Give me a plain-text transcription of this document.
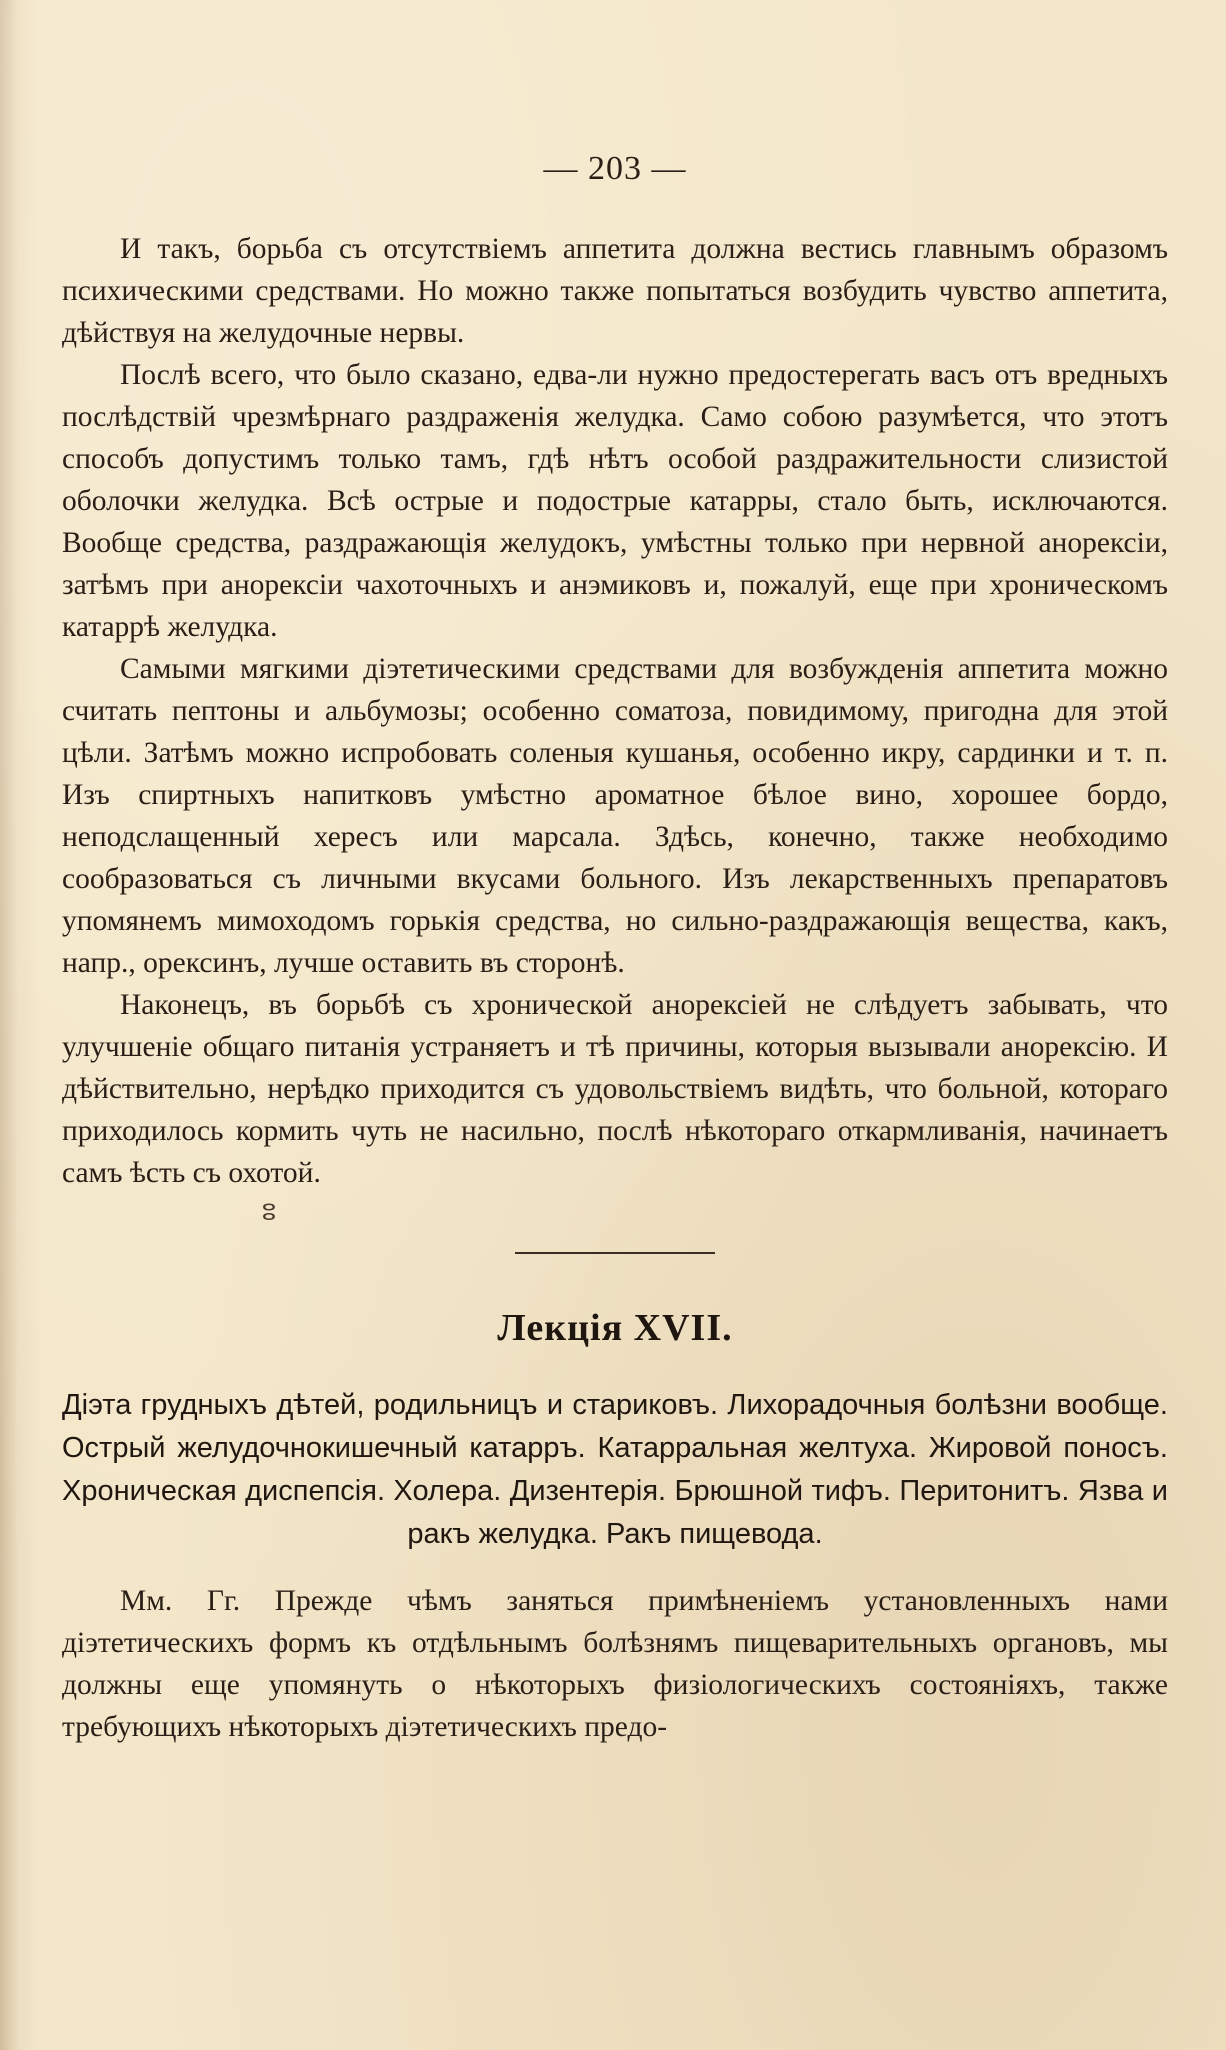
— 203 —

И такъ, борьба съ отсутствіемъ аппетита должна вестись главнымъ образомъ психическими средствами. Но можно также попытаться возбудить чувство аппетита, дѣйствуя на желудочные нервы.

Послѣ всего, что было сказано, едва-ли нужно предостерегать васъ отъ вредныхъ послѣдствій чрезмѣрнаго раздраженія желудка. Само собою разумѣется, что этотъ способъ допустимъ только тамъ, гдѣ нѣтъ особой раздражительности слизистой оболочки желудка. Всѣ острые и подострые катарры, стало быть, исключаются. Вообще средства, раздражающія желудокъ, умѣстны только при нервной анорексіи, затѣмъ при анорексіи чахоточныхъ и анэмиковъ и, пожалуй, еще при хроническомъ катаррѣ желудка.

Самыми мягкими діэтетическими средствами для возбужденія аппетита можно считать пептоны и альбумозы; особенно соматоза, повидимому, пригодна для этой цѣли. Затѣмъ можно испробовать соленыя кушанья, особенно икру, сардинки и т. п. Изъ спиртныхъ напитковъ умѣстно ароматное бѣлое вино, хорошее бордо, неподслащенный хересъ или марсала. Здѣсь, конечно, также необходимо сообразоваться съ личными вкусами больного. Изъ лекарственныхъ препаратовъ упомянемъ мимоходомъ горькія средства, но сильно-раздражающія вещества, какъ, напр., орексинъ, лучше оставить въ сторонѣ.

Наконецъ, въ борьбѣ съ хронической анорексіей не слѣдуетъ забывать, что улучшеніе общаго питанія устраняетъ и тѣ причины, которыя вызывали анорексію. И дѣйствительно, нерѣдко приходится съ удовольствіемъ видѣть, что больной, котораго приходилось кормить чуть не насильно, послѣ нѣкотораго откармливанія, начинаетъ самъ ѣсть съ охотой.

ⵓ
Лекція XVII.

Діэта грудныхъ дѣтей, родильницъ и стариковъ. Лихорадочныя болѣзни вообще. Острый желудочнокишечный катарръ. Катарральная желтуха. Жировой поносъ. Хроническая диспепсія. Холера. Дизентерія. Брюшной тифъ. Перитонитъ. Язва и ракъ желудка. Ракъ пищевода.

Мм. Гг. Прежде чѣмъ заняться примѣненіемъ установленныхъ нами діэтетическихъ формъ къ отдѣльнымъ болѣзнямъ пищеварительныхъ органовъ, мы должны еще упомянуть о нѣкоторыхъ физіологическихъ состояніяхъ, также требующихъ нѣкоторыхъ діэтетическихъ предо-
